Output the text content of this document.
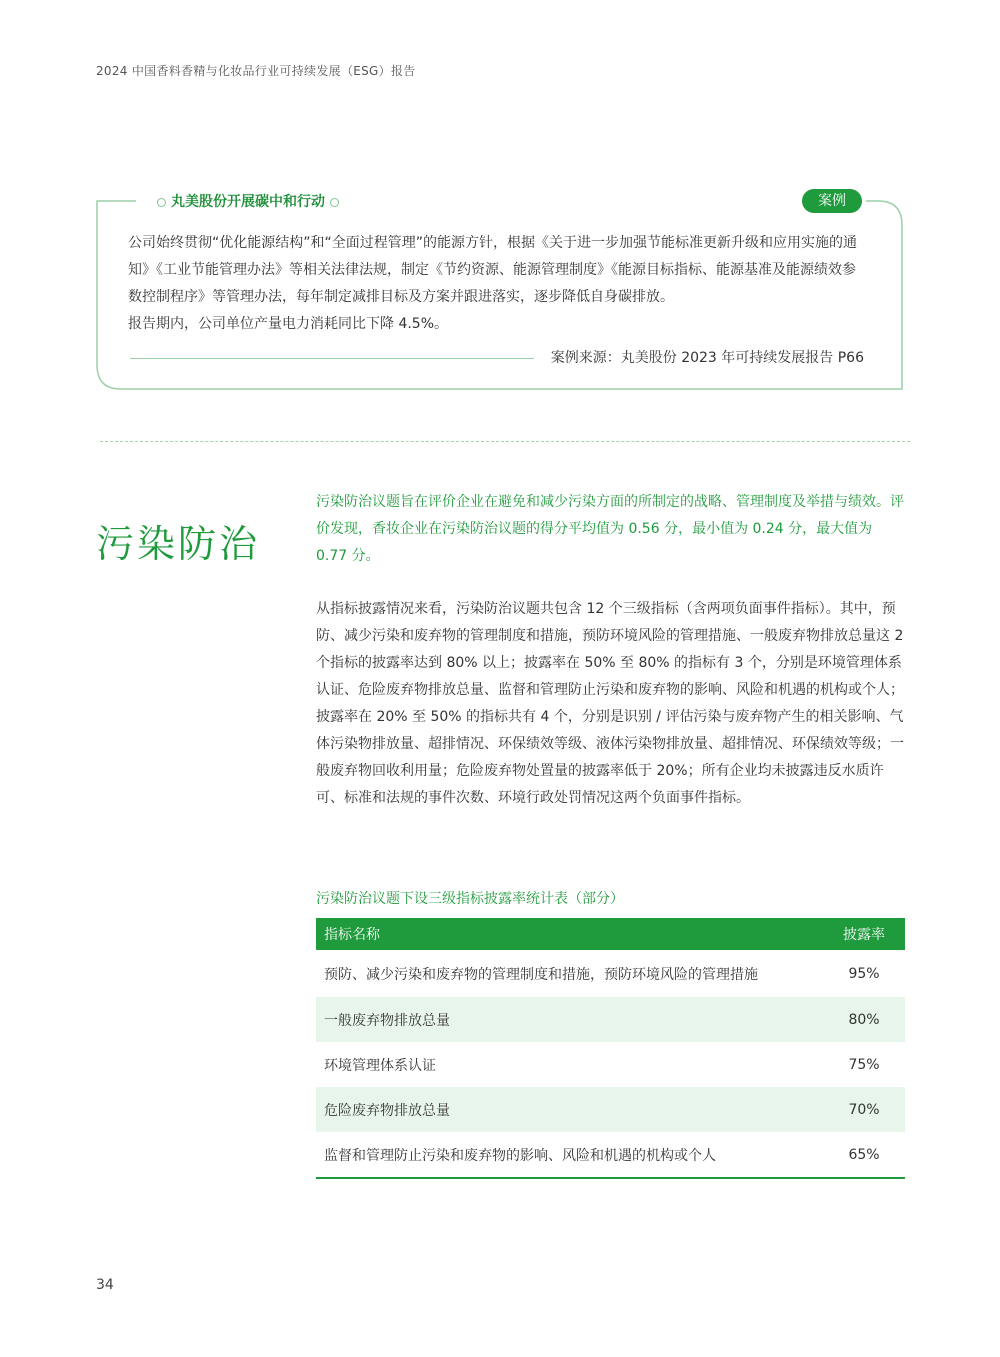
2024 中国香料香精与化妆品行业可持续发展（ESG）报告
丸美股份开展碳中和行动	案例

公司始终贯彻“优化能源结构”和“全面过程管理”的能源方针，根据《关于进一步加强节能标准更新升级和应用实施的通知》《工业节能管理办法》等相关法律法规，制定《节约资源、能源管理制度》《能源目标指标、能源基准及能源绩效参数控制程序》等管理办法，每年制定减排目标及方案并跟进落实，逐步降低自身碳排放。

报告期内，公司单位产量电力消耗同比下降 4.5%。

案例来源：丸美股份 2023 年可持续发展报告 P66
污染防治

污染防治议题旨在评价企业在避免和减少污染方面的所制定的战略、管理制度及举措与绩效。评价发现，香妆企业在污染防治议题的得分平均值为 0.56 分，最小值为 0.24 分，最大值为 0.77 分。

从指标披露情况来看，污染防治议题共包含 12 个三级指标（含两项负面事件指标）。其中，预防、减少污染和废弃物的管理制度和措施，预防环境风险的管理措施、一般废弃物排放总量这 2 个指标的披露率达到 80% 以上；披露率在 50% 至 80% 的指标有 3 个，分别是环境管理体系认证、危险废弃物排放总量、监督和管理防止污染和废弃物的影响、风险和机遇的机构或个人；披露率在 20% 至 50% 的指标共有 4 个，分别是识别 / 评估污染与废弃物产生的相关影响、气体污染物排放量、超排情况、环保绩效等级、液体污染物排放量、超排情况、环保绩效等级；一般废弃物回收利用量；危险废弃物处置量的披露率低于 20%；所有企业均未披露违反水质许可、标准和法规的事件次数、环境行政处罚情况这两个负面事件指标。

污染防治议题下设三级指标披露率统计表（部分）
指标名称	披露率
预防、减少污染和废弃物的管理制度和措施，预防环境风险的管理措施	95%
一般废弃物排放总量	80%
环境管理体系认证	75%
危险废弃物排放总量	70%
监督和管理防止污染和废弃物的影响、风险和机遇的机构或个人	65%
34
